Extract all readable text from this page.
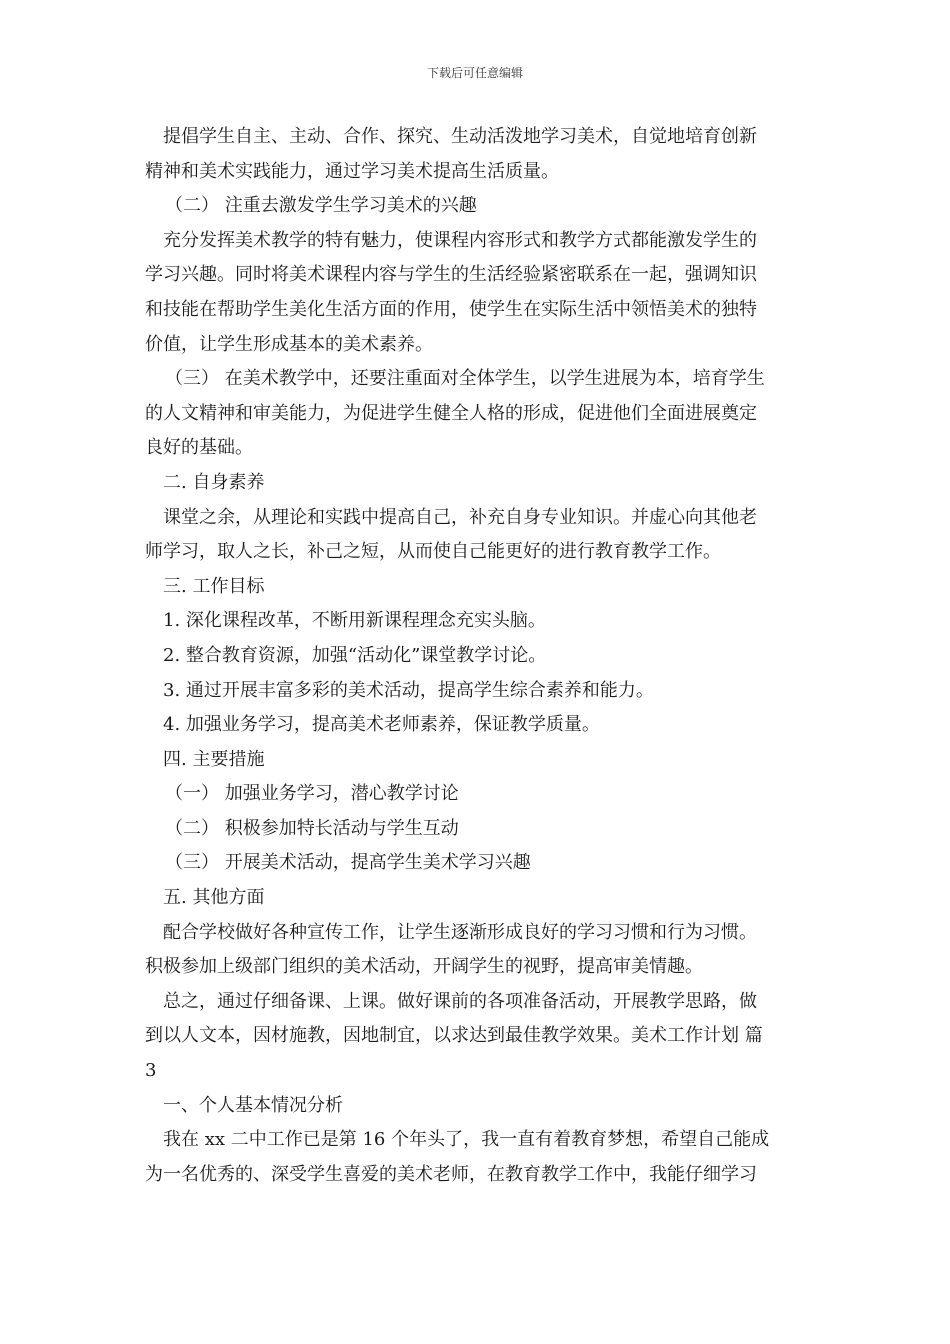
下载后可任意编辑
提倡学生自主、主动、合作、探究、生动活泼地学习美术，自觉地培育创新
精神和美术实践能力，通过学习美术提高生活质量。
（二） 注重去激发学生学习美术的兴趣
充分发挥美术教学的特有魅力，使课程内容形式和教学方式都能激发学生的
学习兴趣。同时将美术课程内容与学生的生活经验紧密联系在一起，强调知识
和技能在帮助学生美化生活方面的作用，使学生在实际生活中领悟美术的独特
价值，让学生形成基本的美术素养。
（三） 在美术教学中，还要注重面对全体学生，以学生进展为本，培育学生
的人文精神和审美能力，为促进学生健全人格的形成，促进他们全面进展奠定
良好的基础。
二. 自身素养
课堂之余，从理论和实践中提高自己，补充自身专业知识。并虚心向其他老
师学习，取人之长，补己之短，从而使自己能更好的进行教育教学工作。
三. 工作目标
1. 深化课程改革，不断用新课程理念充实头脑。
2. 整合教育资源，加强“活动化”课堂教学讨论。
3. 通过开展丰富多彩的美术活动，提高学生综合素养和能力。
4. 加强业务学习，提高美术老师素养，保证教学质量。
四. 主要措施
（一） 加强业务学习，潜心教学讨论
（二） 积极参加特长活动与学生互动
（三） 开展美术活动，提高学生美术学习兴趣
五. 其他方面
配合学校做好各种宣传工作，让学生逐渐形成良好的学习习惯和行为习惯。
积极参加上级部门组织的美术活动，开阔学生的视野，提高审美情趣。
总之，通过仔细备课、上课。做好课前的各项准备活动，开展教学思路，做
到以人文本，因材施教，因地制宜，以求达到最佳教学效果。美术工作计划 篇
3
一、个人基本情况分析
我在 xx 二中工作已是第 16 个年头了，我一直有着教育梦想，希望自己能成
为一名优秀的、深受学生喜爱的美术老师，在教育教学工作中，我能仔细学习
